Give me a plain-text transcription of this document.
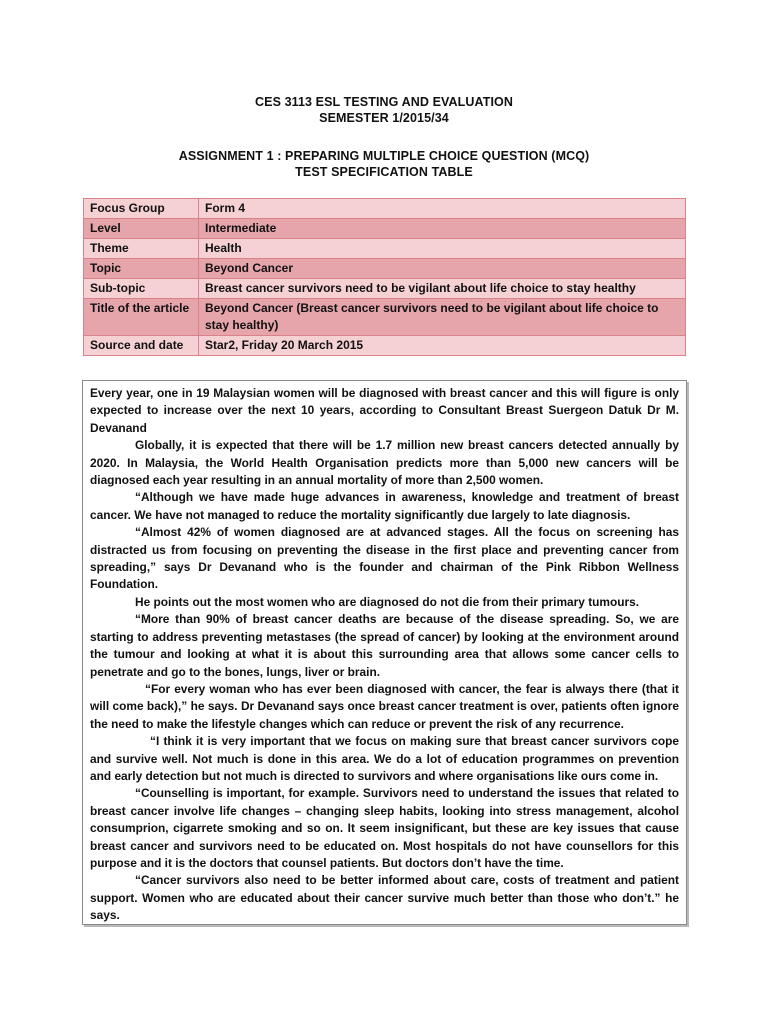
CES 3113 ESL TESTING AND EVALUATION
SEMESTER 1/2015/34
ASSIGNMENT 1 : PREPARING MULTIPLE CHOICE QUESTION (MCQ)
TEST SPECIFICATION TABLE
Focus Group	Form 4
Level	Intermediate
Theme	Health
Topic	Beyond Cancer
Sub-topic	Breast cancer survivors need to be vigilant about life choice to stay healthy
Title of the article	Beyond Cancer (Breast cancer survivors need to be vigilant about life choice to stay healthy)
Source and date	Star2, Friday 20 March 2015

Every year, one in 19 Malaysian women will be diagnosed with breast cancer and this will figure is only expected to increase over the next 10 years, according to Consultant Breast Suergeon Datuk Dr M. Devanand

Globally, it is expected that there will be 1.7 million new breast cancers detected annually by 2020. In Malaysia, the World Health Organisation predicts more than 5,000 new cancers will be diagnosed each year resulting in an annual mortality of more than 2,500 women.

“Although we have made huge advances in awareness, knowledge and treatment of breast cancer. We have not managed to reduce the mortality significantly due largely to late diagnosis.

“Almost 42% of women diagnosed are at advanced stages. All the focus on screening has distracted us from focusing on preventing the disease in the first place and preventing cancer from spreading,” says Dr Devanand who is the founder and chairman of the Pink Ribbon Wellness Foundation.

He points out the most women who are diagnosed do not die from their primary tumours.

“More than 90% of breast cancer deaths are because of the disease spreading. So, we are starting to address preventing metastases (the spread of cancer) by looking at the environment around the tumour and looking at what it is about this surrounding area that allows some cancer cells to penetrate and go to the bones, lungs, liver or brain.

“For every woman who has ever been diagnosed with cancer, the fear is always there (that it will come back),” he says. Dr Devanand says once breast cancer treatment is over, patients often ignore the need to make the lifestyle changes which can reduce or prevent the risk of any recurrence.

“I think it is very important that we focus on making sure that breast cancer survivors cope and survive well. Not much is done in this area. We do a lot of education programmes on prevention and early detection but not much is directed to survivors and where organisations like ours come in.

“Counselling is important, for example. Survivors need to understand the issues that related to breast cancer involve life changes – changing sleep habits, looking into stress management, alcohol consumprion, cigarrete smoking and so on. It seem insignificant, but these are key issues that cause breast cancer and survivors need to be educated on. Most hospitals do not have counsellors for this purpose and it is the doctors that counsel patients. But doctors don’t have the time.

“Cancer survivors also need to be better informed about care, costs of treatment and patient support. Women who are educated about their cancer survive much better than those who don’t.” he says.
